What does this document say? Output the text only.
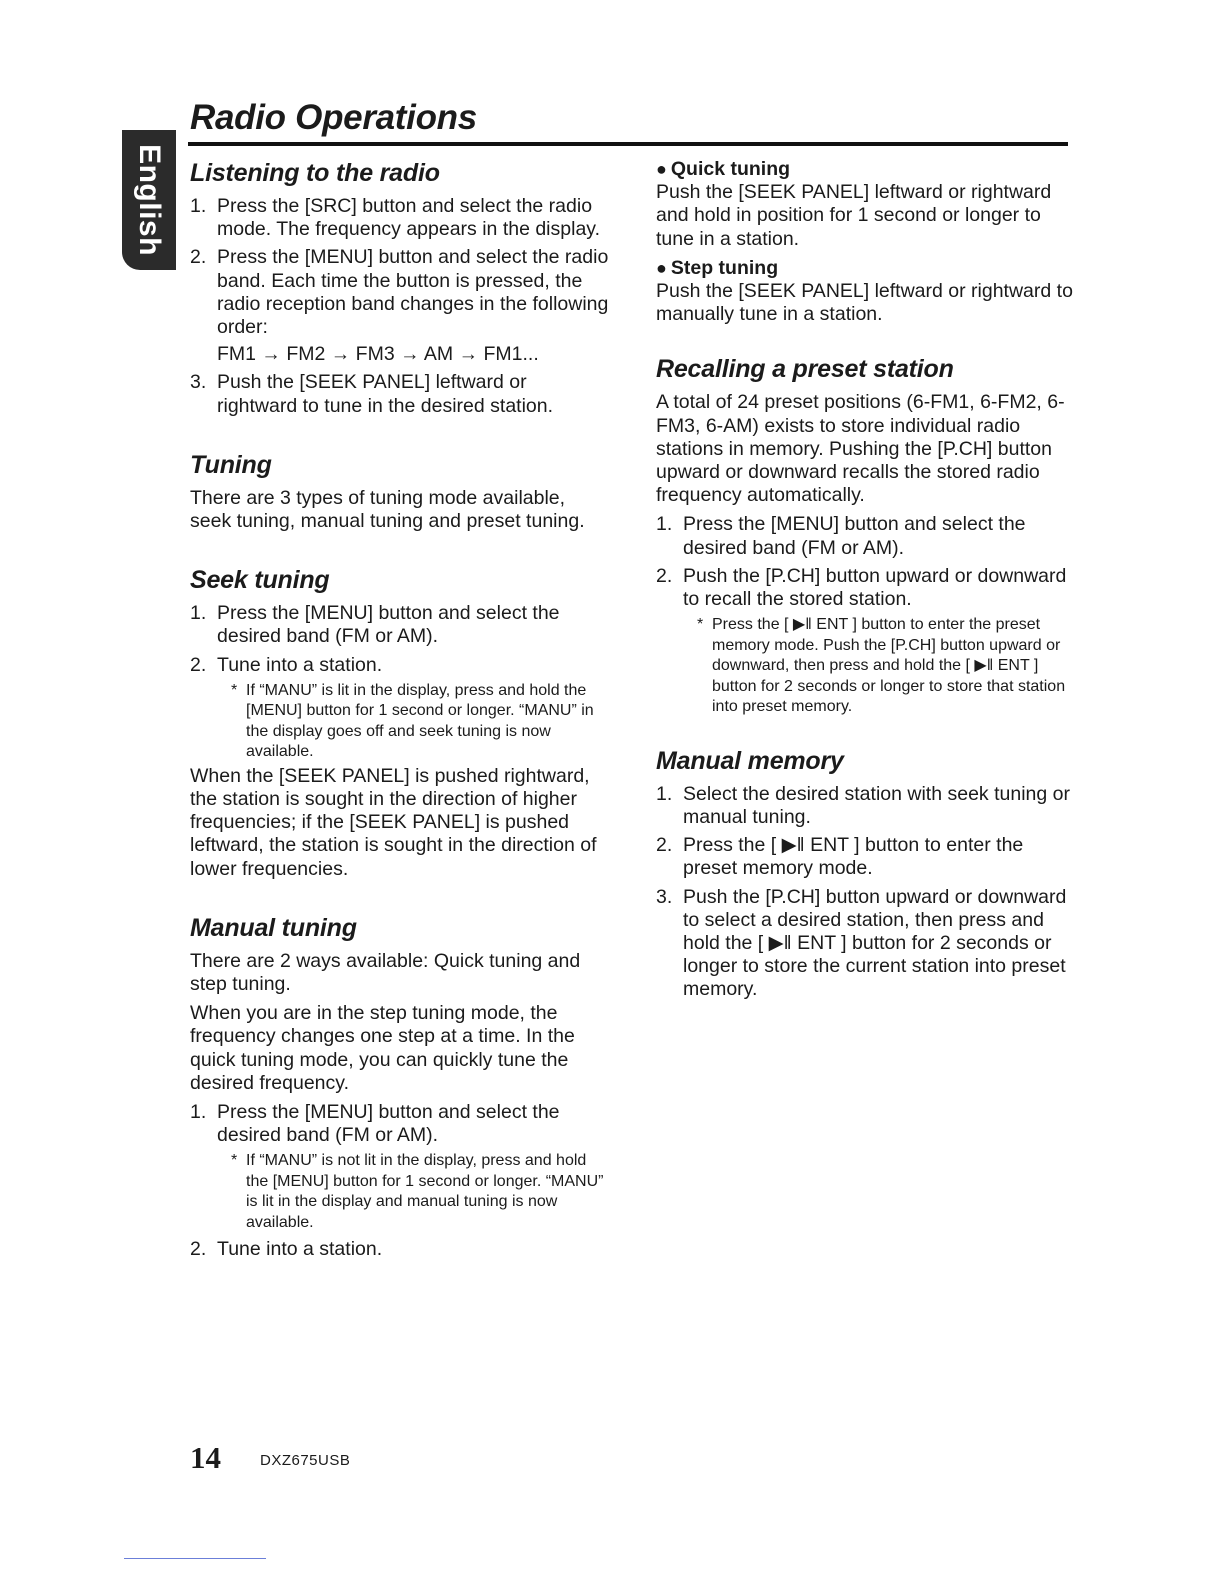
Radio Operations
English Listening to the radio
1. Press the [SRC] button and select the radio mode. The frequency appears in the display.
2. Press the [MENU] button and select the radio band. Each time the button is pressed, the radio reception band changes in the following order:
FM1 → FM2 → FM3 → AM → FM1...
3. Push the [SEEK PANEL] leftward or rightward to tune in the desired station.
Tuning

There are 3 types of tuning mode available, seek tuning, manual tuning and preset tuning.

Seek tuning
1. Press the [MENU] button and select the desired band (FM or AM).
2. Tune into a station.
* If “MANU” is lit in the display, press and hold the [MENU] button for 1 second or longer. “MANU” in the display goes off and seek tuning is now available.

When the [SEEK PANEL] is pushed rightward, the station is sought in the direction of higher frequencies; if the [SEEK PANEL] is pushed leftward, the station is sought in the direction of lower frequencies.

Manual tuning

There are 2 ways available: Quick tuning and step tuning.

When you are in the step tuning mode, the frequency changes one step at a time. In the quick tuning mode, you can quickly tune the desired frequency.

1. Press the [MENU] button and select the desired band (FM or AM).
* If “MANU” is not lit in the display, press and hold the [MENU] button for 1 second or longer. “MANU” is lit in the display and manual tuning is now available.
2. Tune into a station.

● Quick tuning

Push the [SEEK PANEL] leftward or rightward and hold in position for 1 second or longer to tune in a station.

● Step tuning

Push the [SEEK PANEL] leftward or rightward to manually tune in a station.

Recalling a preset station

A total of 24 preset positions (6-FM1, 6-FM2, 6-FM3, 6-AM) exists to store individual radio stations in memory. Pushing the [P.CH] button upward or downward recalls the stored radio frequency automatically.

1. Press the [MENU] button and select the desired band (FM or AM).
2. Push the [P.CH] button upward or downward to recall the stored station.
* Press the [ ▶‖ ENT ] button to enter the preset memory mode. Push the [P.CH] button upward or downward, then press and hold the [ ▶‖ ENT ] button for 2 seconds or longer to store that station into preset memory.
Manual memory
1. Select the desired station with seek tuning or manual tuning.
2. Press the [ ▶‖ ENT ] button to enter the preset memory mode.
3. Push the [P.CH] button upward or downward to select a desired station, then press and hold the [ ▶‖ ENT ] button for 2 seconds or longer to store the current station into preset memory.
14	DXZ675USB
